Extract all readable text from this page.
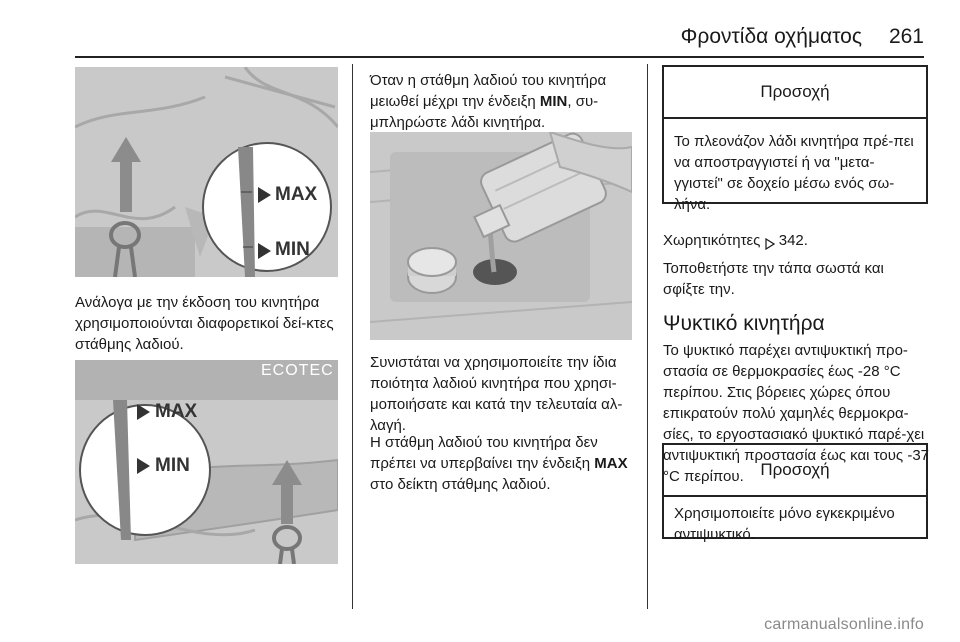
Φροντίδα οχήματος 261
MAX
MIN

Ανάλογα με την έκδοση του κινητήρα χρησιμοποιούνται διαφορετικοί δεί-κτες στάθμης λαδιού.

ECOTEC
MAX
MIN

Όταν η στάθμη λαδιού του κινητήρα μειωθεί μέχρι την ένδειξη MIN, συ-μπληρώστε λάδι κινητήρα.

Συνιστάται να χρησιμοποιείτε την ίδια ποιότητα λαδιού κινητήρα που χρησι-μοποιήσατε και κατά την τελευταία αλ-λαγή.

Η στάθμη λαδιού του κινητήρα δεν πρέπει να υπερβαίνει την ένδειξη MAX στο δείκτη στάθμης λαδιού.

Προσοχή
Το πλεονάζον λάδι κινητήρα πρέ-πει να αποστραγγιστεί ή να "μετα-γγιστεί" σε δοχείο μέσω ενός σω-λήνα.

Χωρητικότητες  342.

Τοποθετήστε την τάπα σωστά και σφίξτε την.

Ψυκτικό κινητήρα

Το ψυκτικό παρέχει αντιψυκτική προ-στασία σε θερμοκρασίες έως -28 °C περίπου. Στις βόρειες χώρες όπου επικρατούν πολύ χαμηλές θερμοκρα-σίες, το εργοστασιακό ψυκτικό παρέ-χει αντιψυκτική προστασία έως και τους -37 °C περίπου. Προσοχή
Χρησιμοποιείτε μόνο εγκεκριμένο αντιψυκτικό.
carmanualsonline.info
